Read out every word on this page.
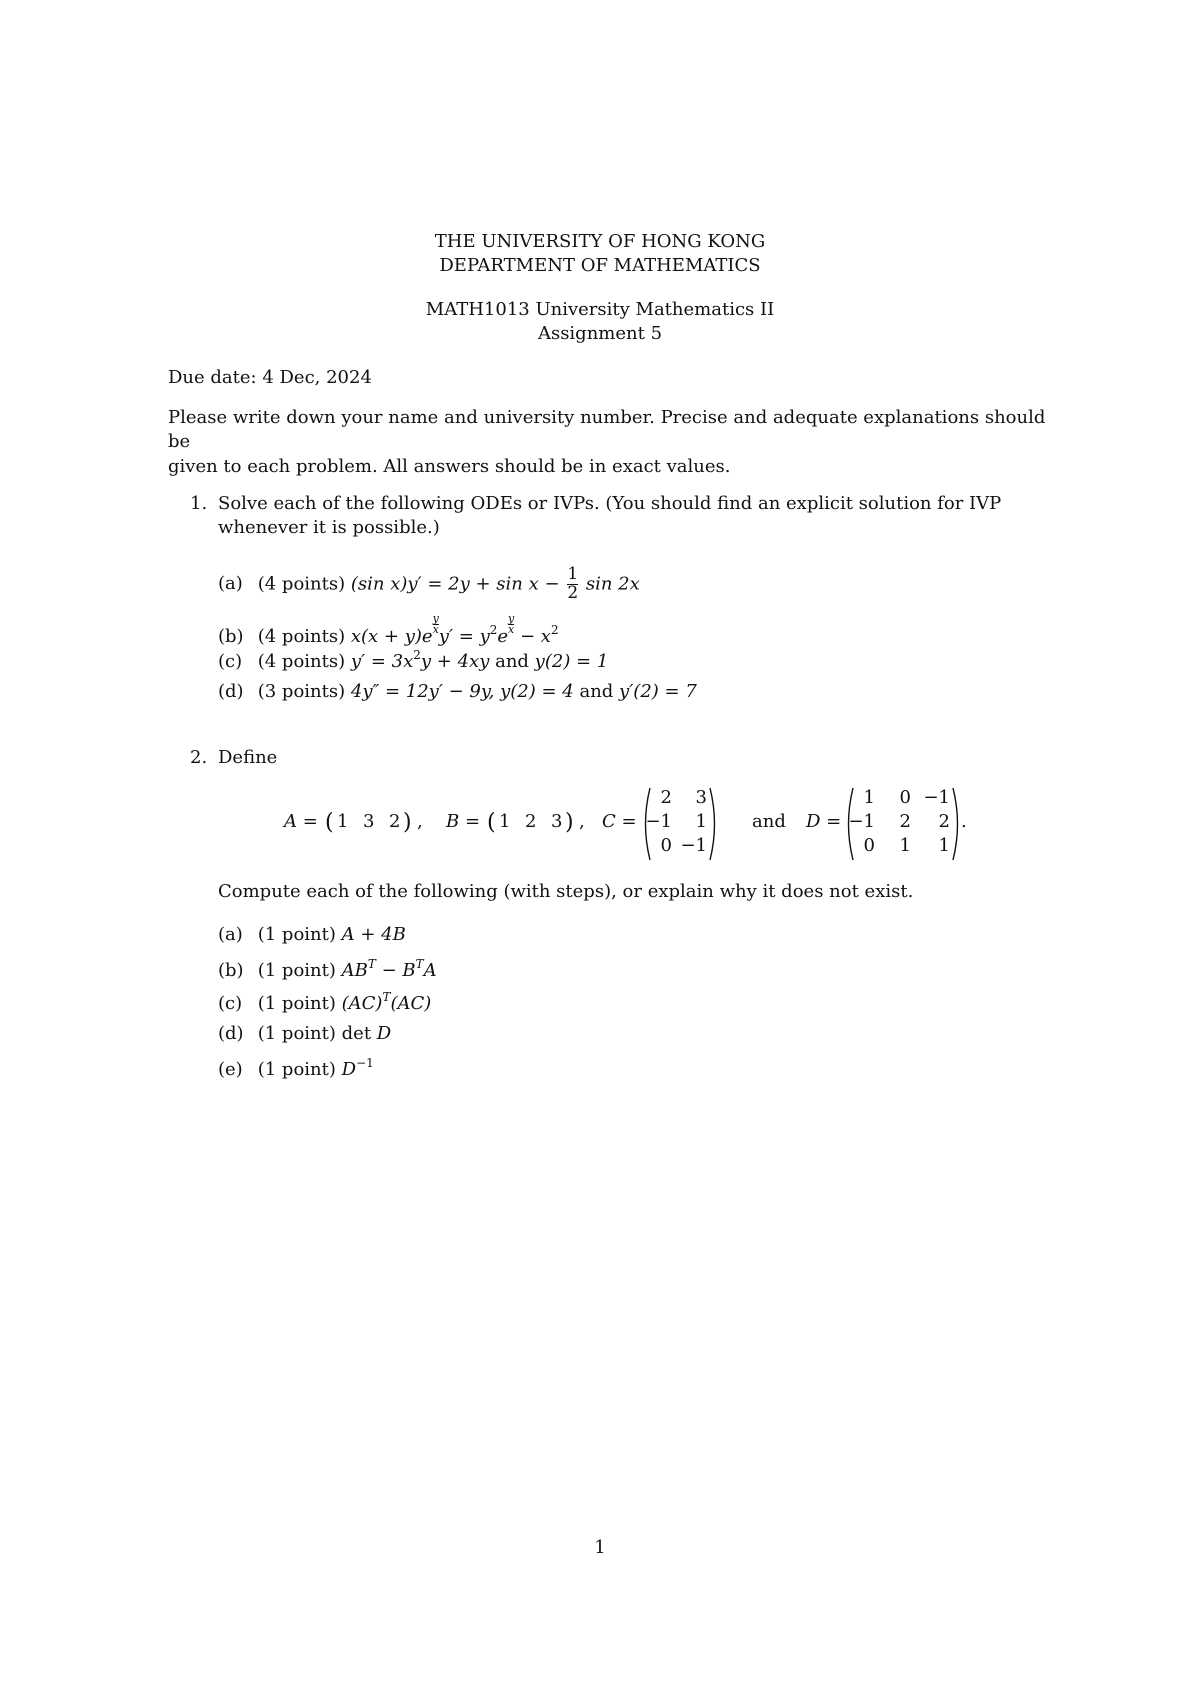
THE UNIVERSITY OF HONG KONG
DEPARTMENT OF MATHEMATICS
MATH1013 University Mathematics II
Assignment 5
Due date: 4 Dec, 2024
Please write down your name and university number. Precise and adequate explanations should be
given to each problem. All answers should be in exact values.
1. Solve each of the following ODEs or IVPs. (You should find an explicit solution for IVP
whenever it is possible.)
(a) (4 points) (sin $x)y' = 2y + \sin x - \frac{1}{2}$ sin 2x
(b) (4 points) x(x + y)e
$\frac{y}{x}$
$y' = y^2e$
$\frac{y}{x}$
− $x^2$
(c) (4 points) $y' = 3x^2y + 4xy$ and y(2) = 1
(d) (3 points) 4y″ = 12y′ − 9y, y(2) = 4 and y′(2) = 7
2. Define
A = ( 1 3 2 ) , B = ( 1 2 3 ) , C =
2 3
−1 1
0 −1
and D =
1 0 −1
−1 2 2
0 1 1
.
Compute each of the following (with steps), or explain why it does not exist.
(a) (1 point) A + 4B
(b) (1 point) $AB^T - B^TA$
(c) (1 point) (AC)$^T$(AC)
(d) (1 point) det D
(e) (1 point) $D^{-1}$
1
